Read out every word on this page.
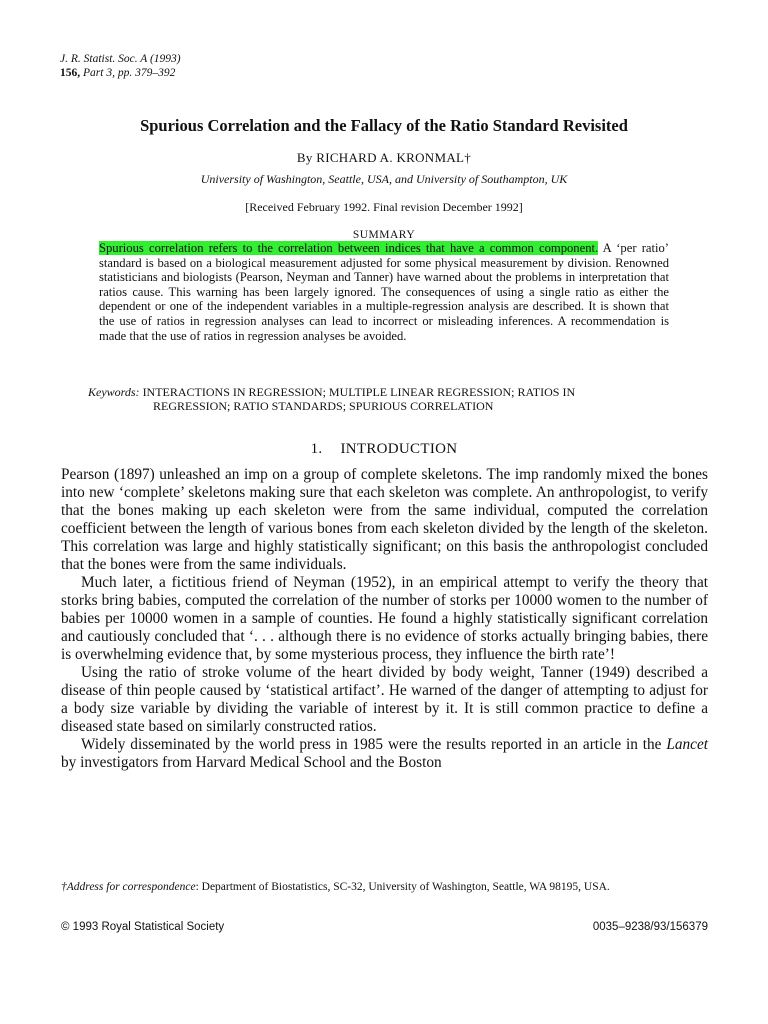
J. R. Statist. Soc. A (1993)
156, Part 3, pp. 379–392
Spurious Correlation and the Fallacy of the Ratio Standard Revisited
By RICHARD A. KRONMAL†
University of Washington, Seattle, USA, and University of Southampton, UK
[Received February 1992. Final revision December 1992]
SUMMARY
Spurious correlation refers to the correlation between indices that have a common component. A ‘per ratio’ standard is based on a biological measurement adjusted for some physical measurement by division. Renowned statisticians and biologists (Pearson, Neyman and Tanner) have warned about the problems in interpretation that ratios cause. This warning has been largely ignored. The consequences of using a single ratio as either the dependent or one of the independent variables in a multiple-regression analysis are described. It is shown that the use of ratios in regression analyses can lead to incorrect or misleading inferences. A recommendation is made that the use of ratios in regression analyses be avoided.
Keywords: INTERACTIONS IN REGRESSION; MULTIPLE LINEAR REGRESSION; RATIOS IN
REGRESSION; RATIO STANDARDS; SPURIOUS CORRELATION
1. INTRODUCTION

Pearson (1897) unleashed an imp on a group of complete skeletons. The imp randomly mixed the bones into new ‘complete’ skeletons making sure that each skeleton was complete. An anthropologist, to verify that the bones making up each skeleton were from the same individual, computed the correlation coefficient between the length of various bones from each skeleton divided by the length of the skeleton. This correlation was large and highly statistically significant; on this basis the anthropologist concluded that the bones were from the same individuals.

Much later, a fictitious friend of Neyman (1952), in an empirical attempt to verify the theory that storks bring babies, computed the correlation of the number of storks per 10000 women to the number of babies per 10000 women in a sample of counties. He found a highly statistically significant correlation and cautiously concluded that ‘. . . although there is no evidence of storks actually bringing babies, there is overwhelming evidence that, by some mysterious process, they influence the birth rate’!

Using the ratio of stroke volume of the heart divided by body weight, Tanner (1949) described a disease of thin people caused by ‘statistical artifact’. He warned of the danger of attempting to adjust for a body size variable by dividing the variable of interest by it. It is still common practice to define a diseased state based on similarly constructed ratios.

Widely disseminated by the world press in 1985 were the results reported in an article in the Lancet by investigators from Harvard Medical School and the Boston

†Address for correspondence: Department of Biostatistics, SC-32, University of Washington, Seattle, WA 98195, USA.
© 1993 Royal Statistical Society	0035–9238/93/156379
